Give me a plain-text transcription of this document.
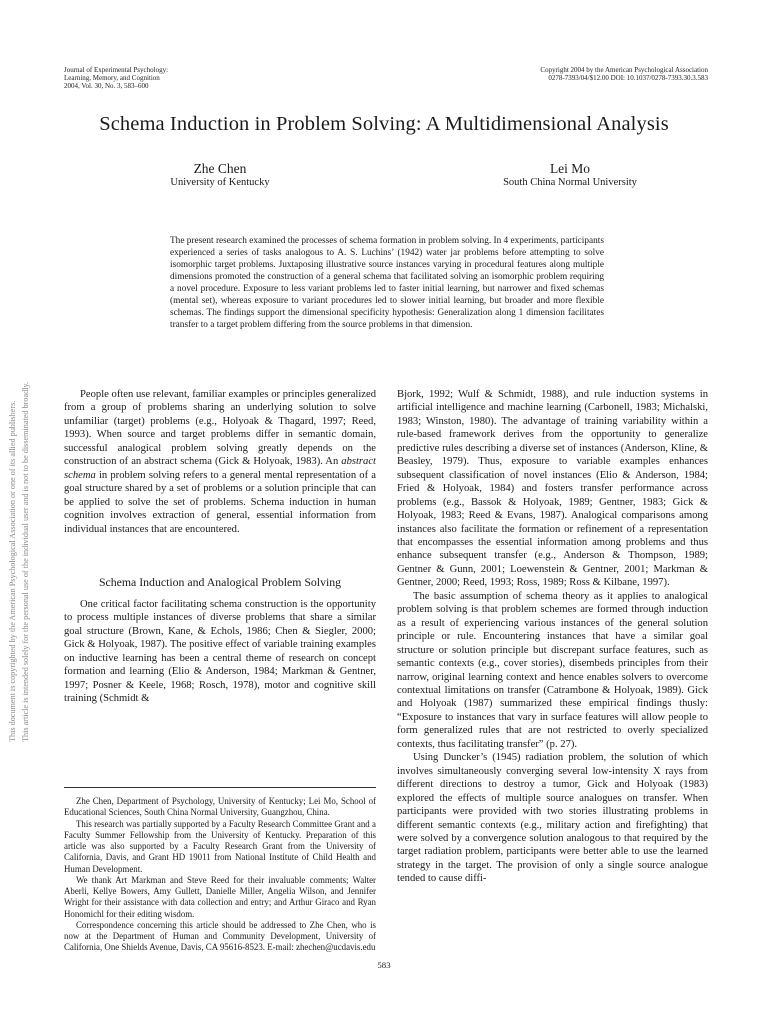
This document is copyrighted by the American Psychological Association or one of its allied publishers. This article is intended solely for the personal use of the individual user and is not to be disseminated broadly.
Journal of Experimental Psychology:
Learning, Memory, and Cognition
2004, Vol. 30, No. 3, 583–600
Copyright 2004 by the American Psychological Association
0278-7393/04/$12.00 DOI: 10.1037/0278-7393.30.3.583
Schema Induction in Problem Solving: A Multidimensional Analysis
Zhe Chen
University of Kentucky
Lei Mo
South China Normal University
The present research examined the processes of schema formation in problem solving. In 4 experiments, participants experienced a series of tasks analogous to A. S. Luchins’ (1942) water jar problems before attempting to solve isomorphic target problems. Juxtaposing illustrative source instances varying in procedural features along multiple dimensions promoted the construction of a general schema that facilitated solving an isomorphic problem requiring a novel procedure. Exposure to less variant problems led to faster initial learning, but narrower and fixed schemas (mental set), whereas exposure to variant procedures led to slower initial learning, but broader and more flexible schemas. The findings support the dimensional specificity hypothesis: Generalization along 1 dimension facilitates transfer to a target problem differing from the source problems in that dimension.

People often use relevant, familiar examples or principles generalized from a group of problems sharing an underlying solution to solve unfamiliar (target) problems (e.g., Holyoak & Thagard, 1997; Reed, 1993). When source and target problems differ in semantic domain, successful analogical problem solving greatly depends on the construction of an abstract schema (Gick & Holyoak, 1983). An abstract schema in problem solving refers to a general mental representation of a goal structure shared by a set of problems or a solution principle that can be applied to solve the set of problems. Schema induction in human cognition involves extraction of general, essential information from individual instances that are encountered.

Schema Induction and Analogical Problem Solving

One critical factor facilitating schema construction is the opportunity to process multiple instances of diverse problems that share a similar goal structure (Brown, Kane, & Echols, 1986; Chen & Siegler, 2000; Gick & Holyoak, 1987). The positive effect of variable training examples on inductive learning has been a central theme of research on concept formation and learning (Elio & Anderson, 1984; Markman & Gentner, 1997; Posner & Keele, 1968; Rosch, 1978), motor and cognitive skill training (Schmidt &

Zhe Chen, Department of Psychology, University of Kentucky; Lei Mo, School of Educational Sciences, South China Normal University, Guangzhou, China.

This research was partially supported by a Faculty Research Committee Grant and a Faculty Summer Fellowship from the University of Kentucky. Preparation of this article was also supported by a Faculty Research Grant from the University of California, Davis, and Grant HD 19011 from National Institute of Child Health and Human Development.

We thank Art Markman and Steve Reed for their invaluable comments; Walter Aberli, Kellye Bowers, Amy Gullett, Danielle Miller, Angelia Wilson, and Jennifer Wright for their assistance with data collection and entry; and Arthur Giraco and Ryan Honomichl for their editing wisdom.

Correspondence concerning this article should be addressed to Zhe Chen, who is now at the Department of Human and Community Development, University of California, One Shields Avenue, Davis, CA 95616-8523. E-mail: zhechen@ucdavis.edu

Bjork, 1992; Wulf & Schmidt, 1988), and rule induction systems in artificial intelligence and machine learning (Carbonell, 1983; Michalski, 1983; Winston, 1980). The advantage of training variability within a rule-based framework derives from the opportunity to generalize predictive rules describing a diverse set of instances (Anderson, Kline, & Beasley, 1979). Thus, exposure to variable examples enhances subsequent classification of novel instances (Elio & Anderson, 1984; Fried & Holyoak, 1984) and fosters transfer performance across problems (e.g., Bassok & Holyoak, 1989; Gentner, 1983; Gick & Holyoak, 1983; Reed & Evans, 1987). Analogical comparisons among instances also facilitate the formation or refinement of a representation that encompasses the essential information among problems and thus enhance subsequent transfer (e.g., Anderson & Thompson, 1989; Gentner & Gunn, 2001; Loewenstein & Gentner, 2001; Markman & Gentner, 2000; Reed, 1993; Ross, 1989; Ross & Kilbane, 1997).

The basic assumption of schema theory as it applies to analogical problem solving is that problem schemes are formed through induction as a result of experiencing various instances of the general solution principle or rule. Encountering instances that have a similar goal structure or solution principle but discrepant surface features, such as semantic contexts (e.g., cover stories), disembeds principles from their narrow, original learning context and hence enables solvers to overcome contextual limitations on transfer (Catrambone & Holyoak, 1989). Gick and Holyoak (1987) summarized these empirical findings thusly: “Exposure to instances that vary in surface features will allow people to form generalized rules that are not restricted to overly specialized contexts, thus facilitating transfer” (p. 27).

Using Duncker’s (1945) radiation problem, the solution of which involves simultaneously converging several low-intensity X rays from different directions to destroy a tumor, Gick and Holyoak (1983) explored the effects of multiple source analogues on transfer. When participants were provided with two stories illustrating problems in different semantic contexts (e.g., military action and firefighting) that were solved by a convergence solution analogous to that required by the target radiation problem, participants were better able to use the learned strategy in the target. The provision of only a single source analogue tended to cause diffi-

583
